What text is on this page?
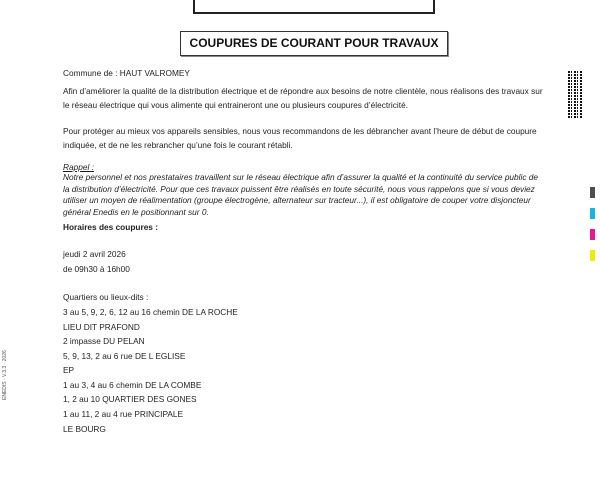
COUPURES DE COURANT POUR TRAVAUX

Commune de : HAUT VALROMEY

Afin d’améliorer la qualité de la distribution électrique et de répondre aux besoins de notre clientèle, nous réalisons des travaux sur le réseau électrique qui vous alimente qui entraineront une ou plusieurs coupures d’électricité.

Pour protéger au mieux vos appareils sensibles, nous vous recommandons de les débrancher avant l’heure de début de coupure indiquée, et de ne les rebrancher qu’une fois le courant rétabli.

Rappel :

Notre personnel et nos prestataires travaillent sur le réseau électrique afin d’assurer la qualité et la continuité du service public de la distribution d’électricité. Pour que ces travaux puissent être réalisés en toute sécurité, nous vous rappelons que si vous deviez utiliser un moyen de réalimentation (groupe électrogène, alternateur sur tracteur...), il est obligatoire de couper votre disjoncteur général Enedis en le positionnant sur 0.

Horaires des coupures :

jeudi 2 avril 2026

de 09h30 à 16h00

Quartiers ou lieux-dits :

3 au 5, 9, 2, 6, 12 au 16 chemin DE LA ROCHE

LIEU DIT PRAFOND

2 impasse DU PELAN

5, 9, 13, 2 au 6 rue DE L EGLISE

EP

1 au 3, 4 au 6 chemin DE LA COMBE

1, 2 au 10 QUARTIER DES GONES

1 au 11, 2 au 4 rue PRINCIPALE

LE BOURG

ENEDIS · V.3.3 · 2026
